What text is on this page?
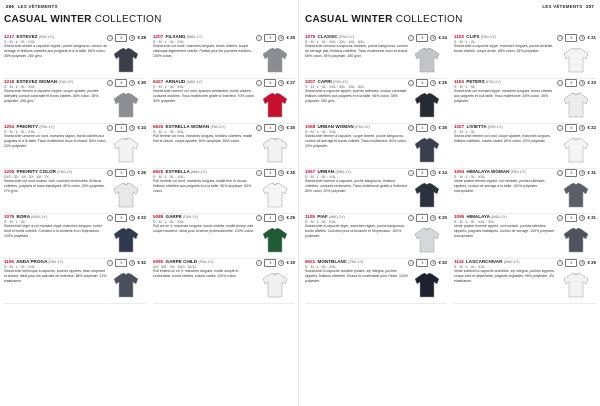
206 LES VÊTEMENTS
CASUAL WINTER COLLECTION
1217 ESTEVEZ (F60-1Y)
S · M · L · XL · XXL
□	5	€ € 28
Sweat-shirt enfant à capuche zippée, poche kangourou, cordon de serrage et finitions côtelées aux poignets et à la taille. 65% coton, 35% polyester, 280 g/m².
1218 ESTEVEZ WOMAN (F60-2Y)
S · M · L · XL · XXL
□	5	€ € 30
Sweat-shirt femme à capuche zippée, coupe ajustée, poches latérales, cordon contrasté et bords côtelés. 65% coton, 35% polyester, 280 g/m².
1204 PRIORITY (F60-1Y)
S · M · L · XL · XXL
□	5	€ € 24
Sweat-shirt unisexe col rond, manches raglan, bords côtelés aux poignets et à la taille. Tissu molletonné doux et chaud. 80% coton, 20% polyester.
1205 PRIORITY COLOR (F60-1Y)
2XS · 3X · 4X · 5X · 6X · 7X
□	5	€ € 26
Sweat-shirt col rond couleur vive, coutures renforcées, finitions côtelées, poignets et base élastiques. 80% coton, 20% polyester, 270 g/m².
1075 BORA (M60-1Y)
S · M · L · XL
□	5	€ € 22
Sweat-shirt léger à col montant zippé, manches longues, ourlet droit et bords côtelés. Convient à la broderie et à l'impression. 100% polyester.
1106 ANDA PROGA (F60-1Y)
S · M · L · XL · XXL
□	5	€ € 32
Sweat-shirt technique à capuche, poches zippées, tissu respirant et isolant, idéal pour les activités en extérieur. 88% polyester, 12% élasthanne.
1207 FILSAND (M60-1Y)
S · M · L · XL · XXL
□	5	€ € 25
Sweat-shirt col roulé, manches longues, bords côtelés, coupe classique légèrement cintrée. Parfait pour les journées fraîches. 100% coton.
6427 ARNAUD (M60-1Y)
S · M · L · XL · XXL
□	5	€ € 27
Sweat-shirt homme col rond, épaules tombantes, bords côtelés, coutures doubles. Tissu molletonné gratté à l'intérieur. 70% coton, 30% polyester.
6626 ESTRELLA WOMAN (F60-1Y)
S · M · L · XL · XXL
□	5	€ € 25
Pull femme col rond, manches longues, finitions côtelées, maille fine et douce, coupe ajustée. 50% acrylique, 50% coton.
6625 ESTRELLA (M60-1Y)
S · M · L · XL · XXL
□	5	€ € 25
Pull homme col rond, manches longues, maille fine et douce, finitions côtelées aux poignets et à la taille. 50% acrylique, 50% coton.
5089 GARPE (F60-1Y)
S · M · L · XL · XXL
□	5	€ € 29
Pull col en V, manches longues, bords côtelés, maille jersey unie, coupe moderne. Idéal pour la tenue professionnelle. 100% coton.
5090 GARPE CHILD (F60-1Y)
3/4 · 5/6 · 7/8 · 9/10 · 11/12
□	5	€ € 19
Pull enfant col en V, manches longues, maille souple et confortable, bords côtelés, coloris variés. 100% coton.
LES VÊTEMENTS 207
CASUAL WINTER COLLECTION
1079 CLASSIC (F60-1Y)
S · M · L · XL · XXL · 3XL · 4XL · 5XL
□	5	€ € 24
Sweat-shirt unisexe à capuche doublée, poche kangourou, cordon de serrage plat, finitions côtelées. Tissu molletonné doux et chaud. 65% coton, 35% polyester, 280 g/m².
1007 CAPRI (F60-1Y)
S · M · L · XL · XXL · 3XL · 4XL · 5XL
□	5	€ € 25
Sweat-shirt à capuche zippée, poches latérales, cordon contrasté, finitions côtelées aux poignets et à la taille. 65% coton, 35% polyester, 280 g/m².
1068 URBAN WOMAN (F60-1Y)
S · M · L · XL · XXL
□	5	€ € 25
Sweat-shirt femme à capuche, coupe cintrée, poche kangourou, cordon de serrage et bords côtelés. Tissu molletonné. 80% coton, 20% polyester.
1067 URBAN (M60-1Y)
S · M · L · XL · XXL
□	5	€ € 24
Sweat-shirt homme à capuche, poche kangourou, finitions côtelées, coutures renforcées. Tissu molletonné gratté à l'intérieur. 80% coton, 20% polyester.
1105 PIAF (M60-1Y)
S · M · L · XL · XXL
□	5	€ € 20
Sweat-shirt à capuche léger, manches raglan, poche kangourou, bords côtelés. Convient pour la broderie et l'impression. 100% polyester.
6621 MONTBLANC (F60-1Y)
S · M · L · XL · XXL
□	5	€ € 33
Sweat-shirt à capuche doublée polaire, zip intégral, poches zippées, finitions côtelées. Chaud et confortable pour l'hiver. 100% polyester.
1103 CLIFS (F60-1Y)
S · M · L · XL
□	5	€ € 21
Sweat-shirt à capuche zippé, manches longues, poche ventrale, bords côtelés, coupe droite. 65% coton, 35% polyester.
1104 PETERS (F60-1Y)
S · M · L · XL
□	5	€ € 23
Sweat-shirt col montant zippé, manches longues, bords côtelés aux poignets et à la taille. Tissu molletonné. 65% coton, 35% polyester.
1027 LIVIETTA (F60-1Y)
S · M · L · XL
□	5	€ € 22
Sweat-shirt femme col rond, coupe ajustée, manches longues, finitions côtelées, coloris variés. 80% coton, 20% polyester.
1094 HIMALAYA WOMAN (F60-1Y)
S · M · L · XL · XXL
□	5	€ € 31
Veste polaire femme zippée, col montant, poches latérales zippées, cordon de serrage à la taille. 100% polyester micropolaire.
1095 HIMALAYA (M60-1Y)
S · M · L · XL · XXL · 3XL
□	5	€ € 31
Veste polaire homme zippée, col montant, poches latérales zippées, poignets élastiques, cordon de serrage. 100% polyester micropolaire.
1116 LASCARCHIVAR (M60-1Y)
S · M · L · XL · XXL
□	5	€ € 29
Veste softshell à capuche amovible, zip intégral, poches zippées, coupe-vent et déperlante, poignets réglables. 96% polyester, 4% élasthanne.
